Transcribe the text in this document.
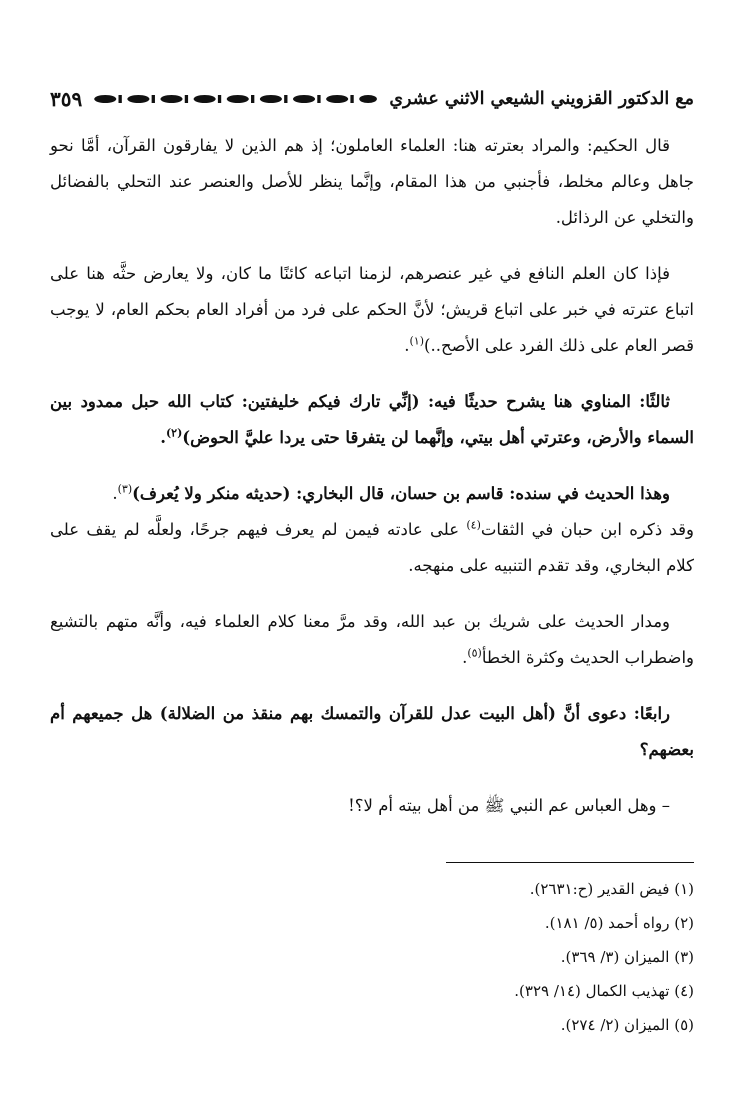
مع الدكتور القزويني الشيعي الاثني عشري
٣٥٩

قال الحكيم: والمراد بعترته هنا: العلماء العاملون؛ إذ هم الذين لا يفارقون القرآن، أمَّا نحو جاهل وعالم مخلط، فأجنبي من هذا المقام، وإنَّما ينظر للأصل والعنصر عند التحلي بالفضائل والتخلي عن الرذائل.

فإذا كان العلم النافع في غير عنصرهم، لزمنا اتباعه كائنًا ما كان، ولا يعارض حثَّه هنا على اتباع عترته في خبر على اتباع قريش؛ لأنَّ الحكم على فرد من أفراد العام بحكم العام، لا يوجب قصر العام على ذلك الفرد على الأصح..)$^{(١)}$.

ثالثًا: المناوي هنا يشرح حديثًا فيه: (إنِّي تارك فيكم خليفتين: كتاب الله حبل ممدود بين السماء والأرض، وعترتي أهل بيتي، وإنَّهما لن يتفرقا حتى يردا عليَّ الحوض)$^{(٢)}$.

وهذا الحديث في سنده: قاسم بن حسان، قال البخاري: (حديثه منكر ولا يُعرف)$^{(٣)}$.

وقد ذكره ابن حبان في الثقات$^{(٤)}$ على عادته فيمن لم يعرف فيهم جرحًا، ولعلَّه لم يقف على كلام البخاري، وقد تقدم التنبيه على منهجه.

ومدار الحديث على شريك بن عبد الله، وقد مرَّ معنا كلام العلماء فيه، وأنَّه متهم بالتشيع واضطراب الحديث وكثرة الخطأ$^{(٥)}$.

رابعًا: دعوى أنَّ (أهل البيت عدل للقرآن والتمسك بهم منقذ من الضلالة) هل جميعهم أم بعضهم؟

– وهل العباس عم النبي ﷺ من أهل بيته أم لا؟!

(١) فيض القدير (ح:٢٦٣١).
(٢) رواه أحمد (٥/ ١٨١).
(٣) الميزان (٣/ ٣٦٩).
(٤) تهذيب الكمال (١٤/ ٣٢٩).
(٥) الميزان (٢/ ٢٧٤).
